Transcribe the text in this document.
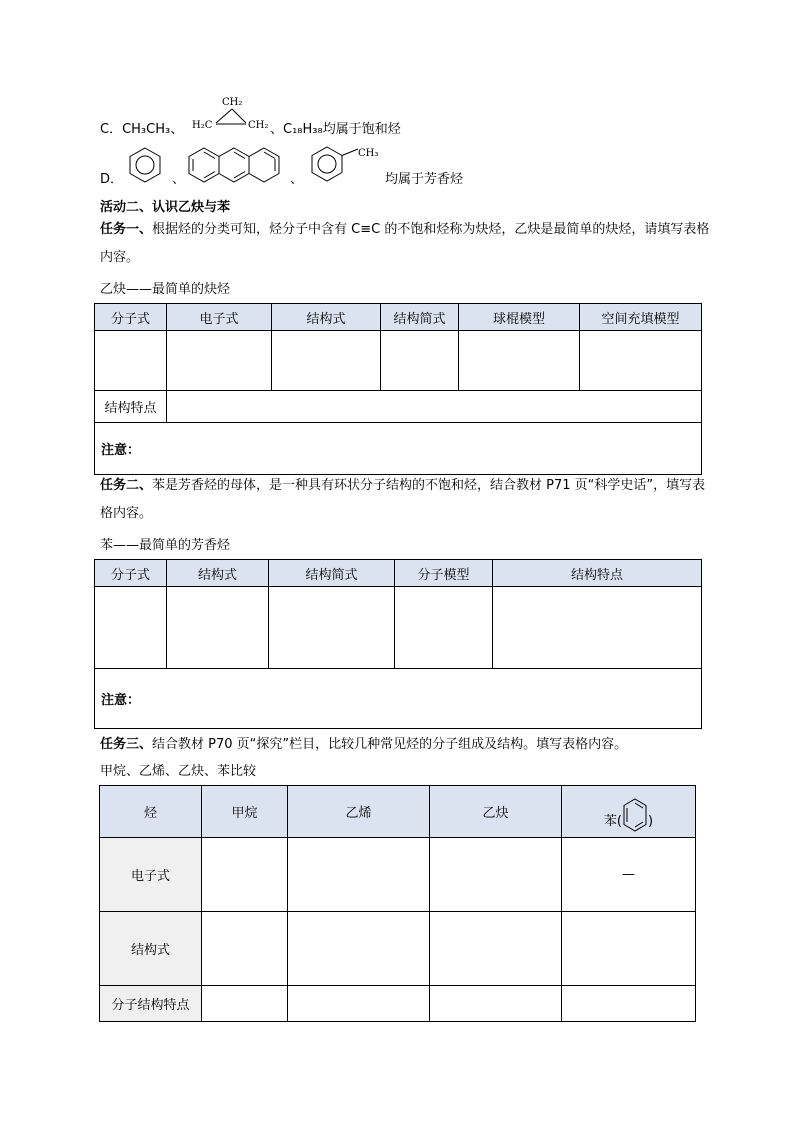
C．CH₃CH₃、
CH₂
H₂C	CH₂ 、C₁₈H₃₈均属于饱和烃
D．	、	、
CH₃
均属于芳香烃
活动二、认识乙炔与苯
任务一、根据烃的分类可知，烃分子中含有 C≡C 的不饱和烃称为炔烃，乙炔是最简单的炔烃，请填写表格内容。
乙炔——最简单的炔烃
分子式	电子式	结构式	结构简式	球棍模型	空间充填模型

结构特点					
注意：					
任务二、苯是芳香烃的母体，是一种具有环状分子结构的不饱和烃，结合教材 P71 页“科学史话”，填写表格内容。
苯——最简单的芳香烃
分子式	结构式	结构简式	分子模型	结构特点

注意：				
任务三、结合教材 P70 页“探究”栏目，比较几种常见烃的分子组成及结构。填写表格内容。
甲烷、乙烯、乙炔、苯比较
烃	甲烷	乙烯	乙炔	苯( )
电子式				—
结构式				
分子结构特点				
